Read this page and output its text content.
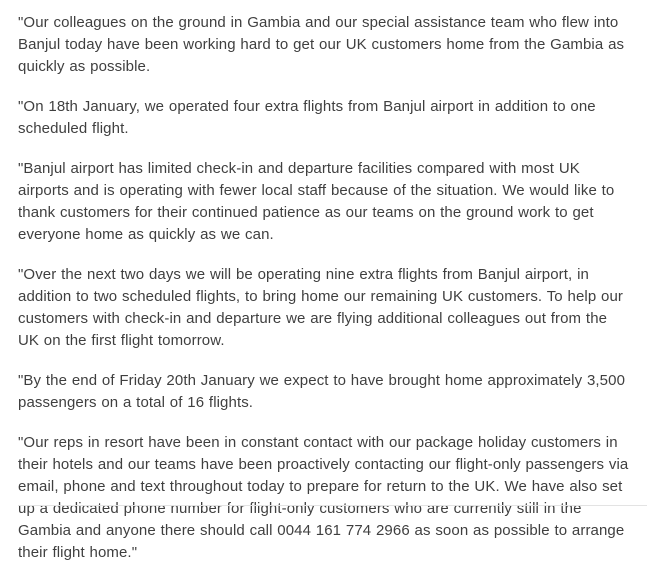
"Our colleagues on the ground in Gambia and our special assistance team who flew into Banjul today have been working hard to get our UK customers home from the Gambia as quickly as possible.

"On 18th January, we operated four extra flights from Banjul airport in addition to one scheduled flight.

"Banjul airport has limited check-in and departure facilities compared with most UK airports and is operating with fewer local staff because of the situation. We would like to thank customers for their continued patience as our teams on the ground work to get everyone home as quickly as we can.

"Over the next two days we will be operating nine extra flights from Banjul airport, in addition to two scheduled flights, to bring home our remaining UK customers. To help our customers with check-in and departure we are flying additional colleagues out from the UK on the first flight tomorrow.

"By the end of Friday 20th January we expect to have brought home approximately 3,500 passengers on a total of 16 flights.

"Our reps in resort have been in constant contact with our package holiday customers in their hotels and our teams have been proactively contacting our flight-only passengers via email, phone and text throughout today to prepare for return to the UK. We have also set up a dedicated phone number for flight-only customers who are currently still in the Gambia and anyone there should call 0044 161 774 2966 as soon as possible to arrange their flight home."
